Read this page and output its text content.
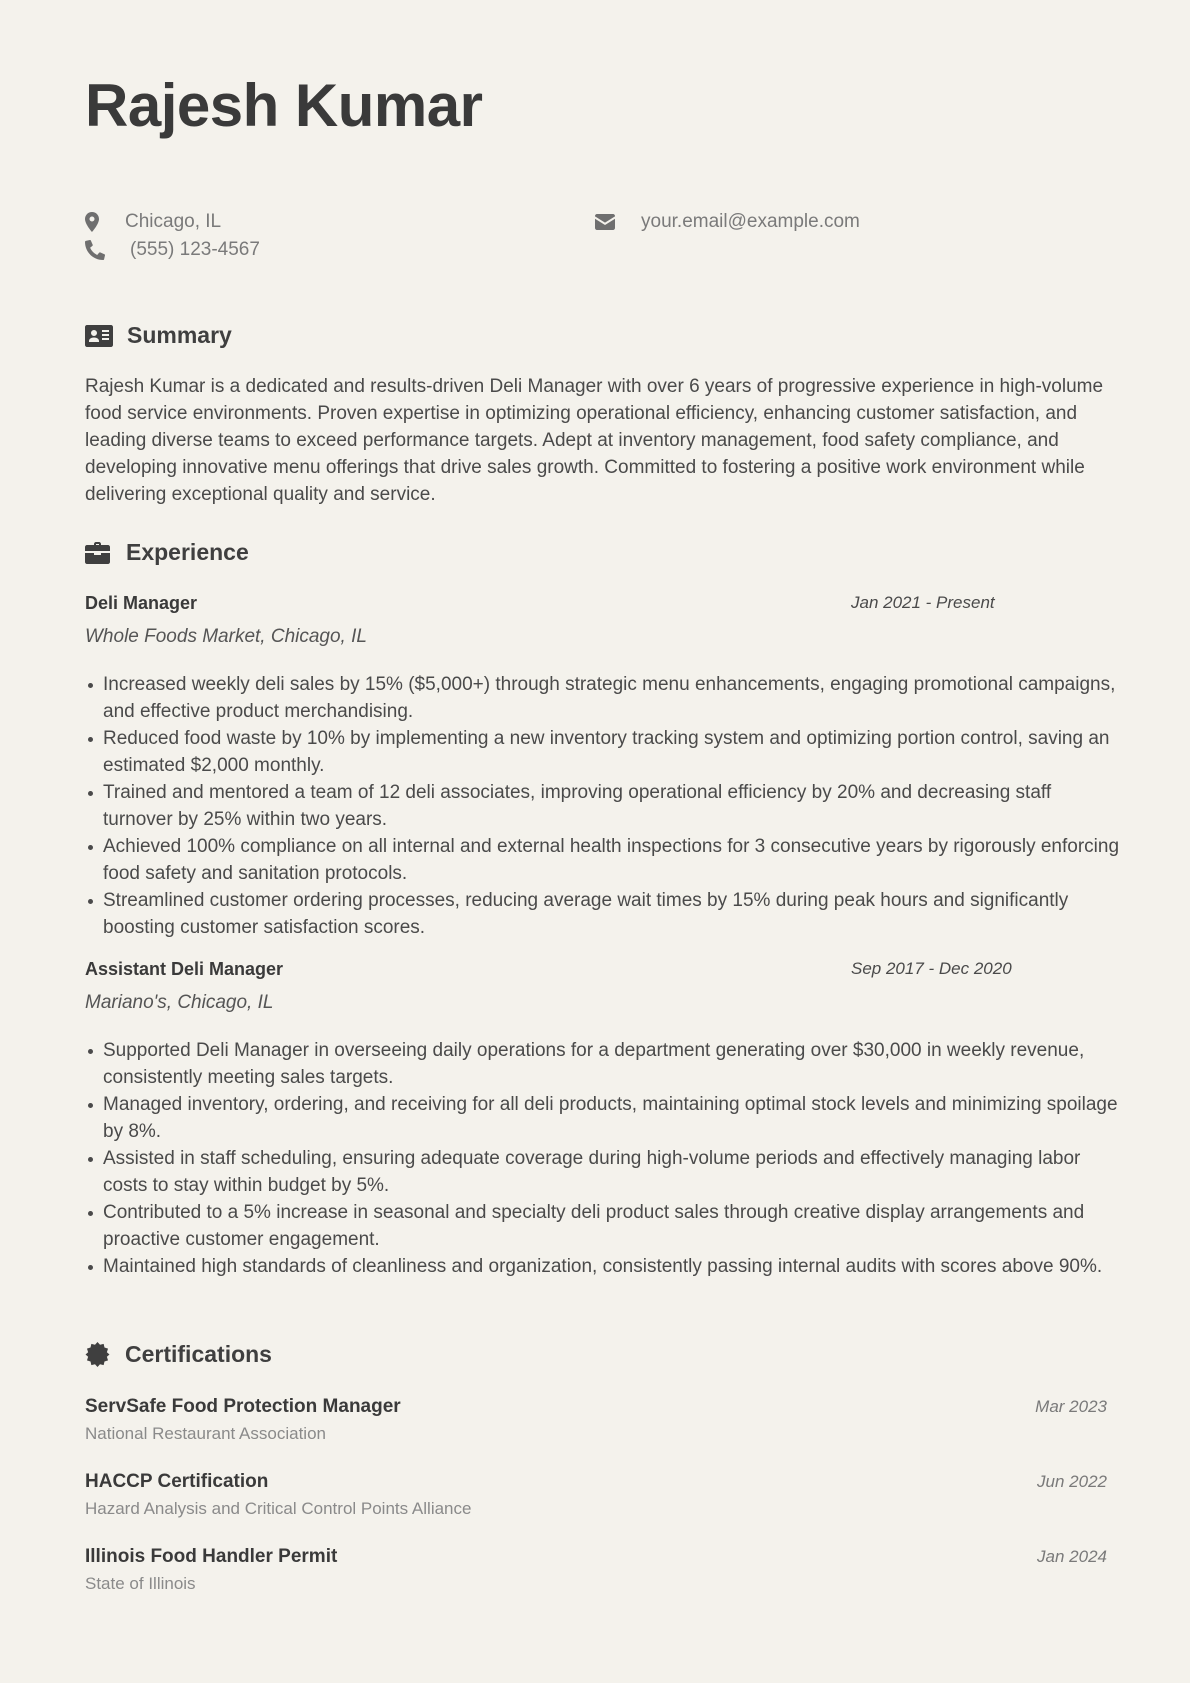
Rajesh Kumar
Chicago, IL
(555) 123-4567
your.email@example.com
Summary

Rajesh Kumar is a dedicated and results-driven Deli Manager with over 6 years of progressive experience in high-volume food service environments. Proven expertise in optimizing operational efficiency, enhancing customer satisfaction, and leading diverse teams to exceed performance targets. Adept at inventory management, food safety compliance, and developing innovative menu offerings that drive sales growth. Committed to fostering a positive work environment while delivering exceptional quality and service.

Experience
Deli Manager	Jan 2021 - Present
Whole Foods Market, Chicago, IL
Increased weekly deli sales by 15% ($5,000+) through strategic menu enhancements, engaging promotional campaigns, and effective product merchandising.
Reduced food waste by 10% by implementing a new inventory tracking system and optimizing portion control, saving an estimated $2,000 monthly.
Trained and mentored a team of 12 deli associates, improving operational efficiency by 20% and decreasing staff turnover by 25% within two years.
Achieved 100% compliance on all internal and external health inspections for 3 consecutive years by rigorously enforcing food safety and sanitation protocols.
Streamlined customer ordering processes, reducing average wait times by 15% during peak hours and significantly boosting customer satisfaction scores.
Assistant Deli Manager	Sep 2017 - Dec 2020
Mariano's, Chicago, IL
Supported Deli Manager in overseeing daily operations for a department generating over $30,000 in weekly revenue, consistently meeting sales targets.
Managed inventory, ordering, and receiving for all deli products, maintaining optimal stock levels and minimizing spoilage by 8%.
Assisted in staff scheduling, ensuring adequate coverage during high-volume periods and effectively managing labor costs to stay within budget by 5%.
Contributed to a 5% increase in seasonal and specialty deli product sales through creative display arrangements and proactive customer engagement.
Maintained high standards of cleanliness and organization, consistently passing internal audits with scores above 90%.
Certifications
ServSafe Food Protection Manager
National Restaurant Association
Mar 2023
HACCP Certification
Hazard Analysis and Critical Control Points Alliance
Jun 2022
Illinois Food Handler Permit
State of Illinois
Jan 2024
